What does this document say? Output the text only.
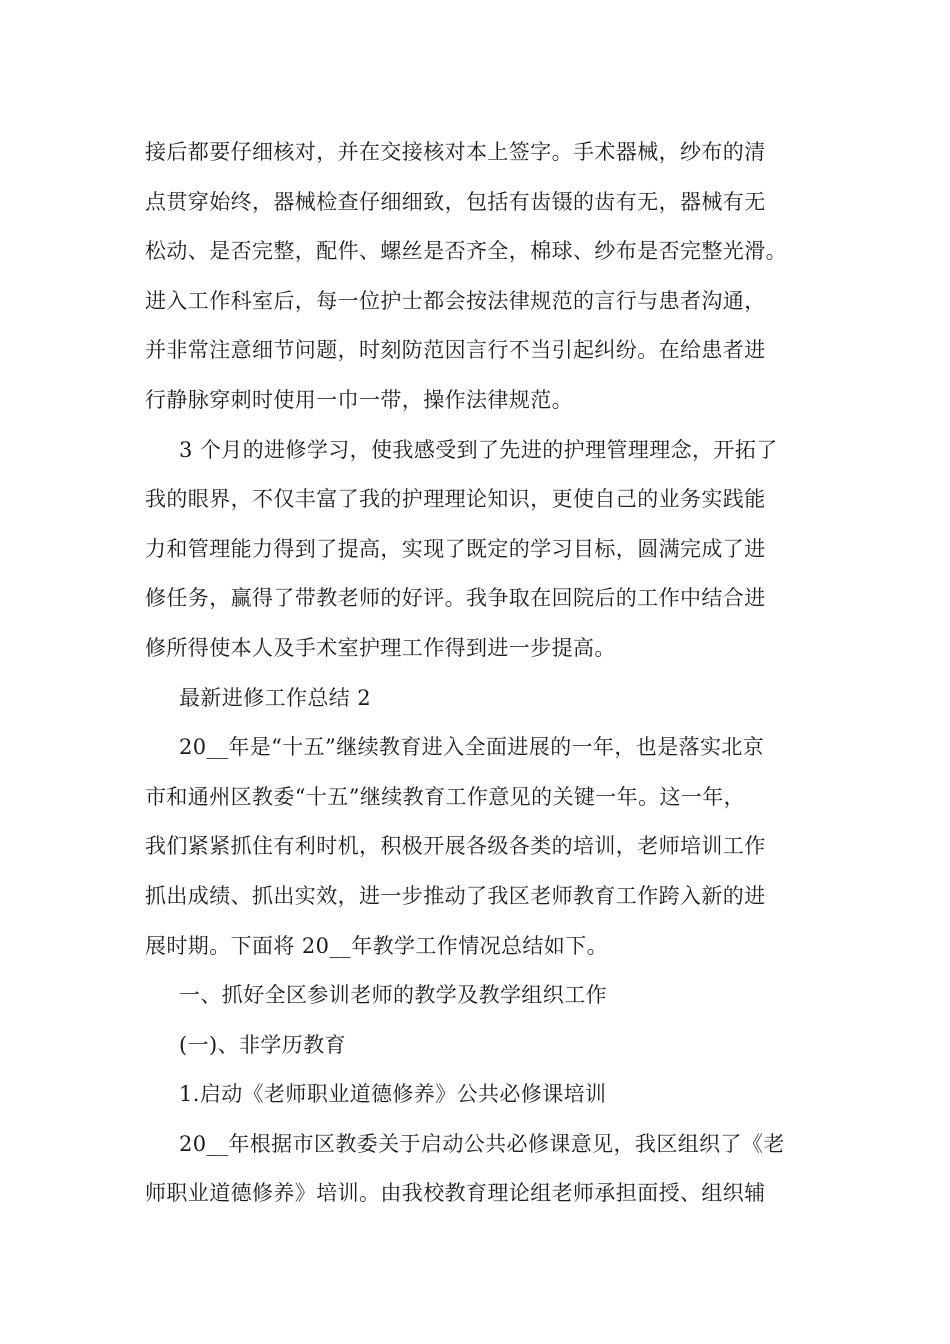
接后都要仔细核对，并在交接核对本上签字。手术器械，纱布的清
点贯穿始终，器械检查仔细细致，包括有齿镊的齿有无，器械有无
松动、是否完整，配件、螺丝是否齐全，棉球、纱布是否完整光滑。
进入工作科室后，每一位护士都会按法律规范的言行与患者沟通，
并非常注意细节问题，时刻防范因言行不当引起纠纷。在给患者进
行静脉穿刺时使用一巾一带，操作法律规范。
3 个月的进修学习，使我感受到了先进的护理管理理念，开拓了
我的眼界，不仅丰富了我的护理理论知识，更使自己的业务实践能
力和管理能力得到了提高，实现了既定的学习目标，圆满完成了进
修任务，赢得了带教老师的好评。我争取在回院后的工作中结合进
修所得使本人及手术室护理工作得到进一步提高。
最新进修工作总结 2
20__年是“十五”继续教育进入全面进展的一年，也是落实北京
市和通州区教委“十五”继续教育工作意见的关键一年。这一年，
我们紧紧抓住有利时机，积极开展各级各类的培训，老师培训工作
抓出成绩、抓出实效，进一步推动了我区老师教育工作跨入新的进
展时期。下面将 20__年教学工作情况总结如下。
一、抓好全区参训老师的教学及教学组织工作
(一)、非学历教育
1.启动《老师职业道德修养》公共必修课培训
20__年根据市区教委关于启动公共必修课意见，我区组织了《老
师职业道德修养》培训。由我校教育理论组老师承担面授、组织辅
